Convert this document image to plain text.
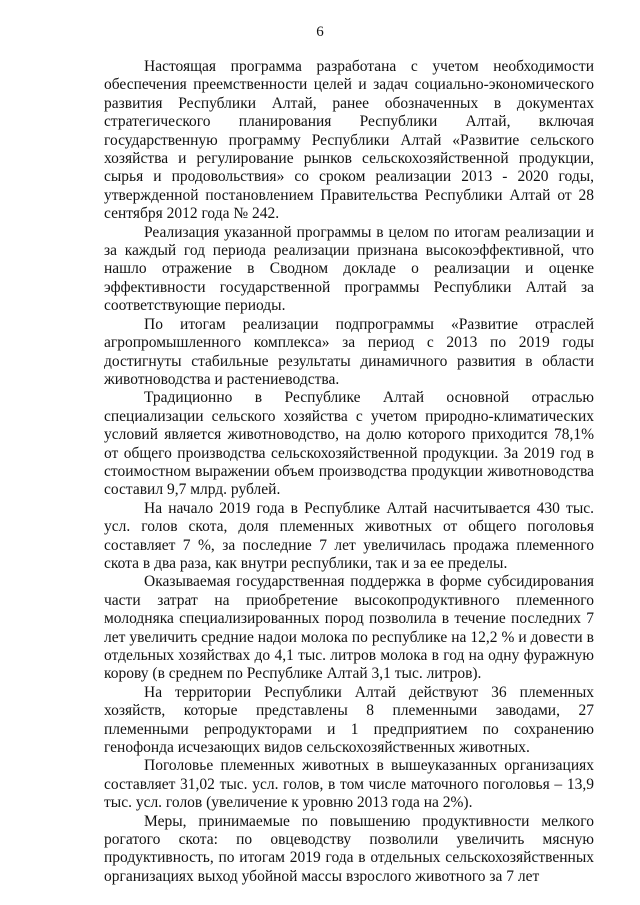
6

Настоящая программа разработана с учетом необходимости обеспечения преемственности целей и задач социально-экономического развития Республики Алтай, ранее обозначенных в документах стратегического планирования Республики Алтай, включая государственную программу Республики Алтай «Развитие сельского хозяйства и регулирование рынков сельскохозяйственной продукции, сырья и продовольствия» со сроком реализации 2013 - 2020 годы, утвержденной постановлением Правительства Республики Алтай от 28 сентября 2012 года № 242.

Реализация указанной программы в целом по итогам реализации и за каждый год периода реализации признана высокоэффективной, что нашло отражение в Сводном докладе о реализации и оценке эффективности государственной программы Республики Алтай за соответствующие периоды.

По итогам реализации подпрограммы «Развитие отраслей агропромышленного комплекса» за период с 2013 по 2019 годы достигнуты стабильные результаты динамичного развития в области животноводства и растениеводства.

Традиционно в Республике Алтай основной отраслью специализации сельского хозяйства с учетом природно-климатических условий является животноводство, на долю которого приходится 78,1% от общего производства сельскохозяйственной продукции. За 2019 год в стоимостном выражении объем производства продукции животноводства составил 9,7 млрд. рублей.

На начало 2019 года в Республике Алтай насчитывается 430 тыс. усл. голов скота, доля племенных животных от общего поголовья составляет 7 %, за последние 7 лет увеличилась продажа племенного скота в два раза, как внутри республики, так и за ее пределы.

Оказываемая государственная поддержка в форме субсидирования части затрат на приобретение высокопродуктивного племенного молодняка специализированных пород позволила в течение последних 7 лет увеличить средние надои молока по республике на 12,2 % и довести в отдельных хозяйствах до 4,1 тыс. литров молока в год на одну фуражную корову (в среднем по Республике Алтай 3,1 тыс. литров).

На территории Республики Алтай действуют 36 племенных хозяйств, которые представлены 8 племенными заводами, 27 племенными репродукторами и 1 предприятием по сохранению генофонда исчезающих видов сельскохозяйственных животных.

Поголовье племенных животных в вышеуказанных организациях составляет 31,02 тыс. усл. голов, в том числе маточного поголовья – 13,9 тыс. усл. голов (увеличение к уровню 2013 года на 2%).

Меры, принимаемые по повышению продуктивности мелкого рогатого скота: по овцеводству позволили увеличить мясную продуктивность, по итогам 2019 года в отдельных сельскохозяйственных организациях выход убойной массы взрослого животного за 7 лет
